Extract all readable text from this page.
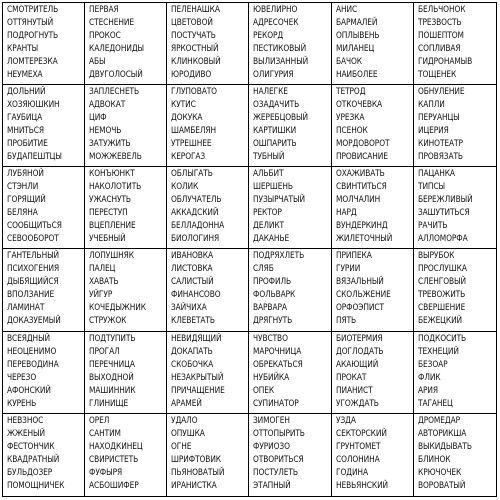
СМОТРИТЕЛЬ
ОТТЯНУТЫЙ
ПОДРОГНУТЬ
КРАНТЫ
ЛОМТЕРЕЗКА
НЕУМЕХА
ПЕРВАЯ
СТЕСНЕНИЕ
ПРОКОС
КАЛЕДОНИДЫ
АБЫ
ДВУГОЛОСЫЙ
ПЕЛЕНАШКА
ЦВЕТОВОЙ
ПОСТУЧАТЬ
ЯРКОСТНЫЙ
КЛИНКОВЫЙ
ЮРОДИВО
ЮВЕЛИРНО
АДРЕСОЧЕК
РЕКОРД
ПЕСТИКОВЫЙ
ВЫЛИЗАННЫЙ
ОЛИГУРИЯ
АНИС
БАРМАЛЕЙ
ОПЛЫВЕНЬ
МИЛАНЕЦ
БАЧОК
НАИБОЛЕЕ
БЕЛЬЧОНОК
ТРЕЗВОСТЬ
ПОШЕПТОМ
СОПЛИВАЯ
ГИДРОНАМЫВ
ТОЩЕНЕК
ДОЛЬНИЙ
ХОЗЯЮШКИН
ГАУБИЦА
МНИТЬСЯ
ПРОБИТИЕ
БУДАПЕШТЦЫ
ЗАПЛЕСНЕТЬ
АДВОКАТ
ЦИФ
НЕМОЧЬ
ЗАТУЖИТЬ
МОЖЖЕВЕЛЬ
ГЛУПОВАТО
КУТИС
ДОКУКА
ШАМБЕЛЯН
УТРЕШНЕЕ
КЕРОГАЗ
НАЛЕГКЕ
ОЗАДАЧИТЬ
ЖЕРЕБЦОВЫЙ
КАРТИШКИ
ОШПАРИТЬ
ТУБНЫЙ
ТЕТРОД
ОТКОЧЕВКА
УРЕЗКА
ПСЕНОК
МОРДОВОРОТ
ПРОВИСАНИЕ
ОБНУЛЕНИЕ
КАПЛИ
ПЕРУАНЦЫ
ИЦЕРИЯ
КИНОТЕАТР
ПРОВЯЗАТЬ
ЛУБЯНОЙ
СТЭНЛИ
ГОРЯЩИЙ
БЕЛЯНА
СООБЩИТЬСЯ
СЕВООБОРОТ
КОНЪЮНКТ
НАКОЛОТИТЬ
УЖАСНУТЬ
ПЕРЕСТУП
ВЦЕПЛЕНИЕ
УЧЕБНЫЙ
ОБЛЫГАТЬ
КОЛИК
ОБЛУЧАТЕЛЬ
АККАДСКИЙ
БЕЛЛАДОННА
БИОЛОГИНЯ
АЛЬБИТ
ШЕРШЕНЬ
ПУЗЫРЧАТЫЙ
РЕКТОР
ДЕЛИКТ
ДАКАНЬЕ
ОХАЖИВАТЬ
СВИНТИТЬСЯ
МОЛЧАЛИН
НАРД
ВУНДЕРКИНД
ЖИЛЕТОЧНЫЙ
ПАЦАНКА
ТИПСЫ
БЕРЕЖЛИВЫЙ
ЗАШУТИТЬСЯ
РАЧИТЬ
АЛЛОМОРФА
ГАНТЕЛЬНЫЙ
ПСИХОГЕНИЯ
ДЫБЯЩИЙСЯ
ВПОЛЗАНИЕ
ЛАМИНАТ
ДОКАЗУЕМЫЙ
ЛОПУШНЯК
ПАЛЕЦ
ХАВАТЬ
УЙГУР
КОЧЕДЫЖНИК
СТРУЖОК
ИВАНОВКА
ЛИСТОВКА
САЛИСТЫЙ
ФИНАНСОВО
ЗАЙЧИХА
КЛЕВЕТАТЬ
ПОДРЯХЛЕТЬ
СЛЯБ
ПРОФИЛЬ
ФОЛЬВАРК
ВАРВАРА
ДРЯГНУТЬ
ПРИПЕКА
ГУРИИ
ВЯЗАЛЬНЫЙ
СКОЛЬЖЕНИЕ
ОРФОЭПИСТ
ПЯТЬ
ВЫРУБОК
ПРОСЛУШКА
СЛЕНГОВЫЙ
ТРЕВОЖИТЬ
СВЕРШЕНИЕ
БЕЖЕЦКИЙ
ВСЕЯДНЫЙ
НЕОЦЕНИМО
ПЕРЕВОДИНА
ЧЕРЕЗО
АФОНСКИЙ
КУРЕНЬ
ПОДТУПИТЬ
ПРОГАЛ
ПЕРЕЧНИЦА
ВЫХОДНОЙ
МАШИННИК
ГЛИНИЩЕ
НЕВИДЯЩИЙ
ДОКАПАТЬ
СКОБОЧКА
НЕЗАКРЫТЫЙ
ПРИЧАЩЕНИЕ
АРАМЕЙ
ЧУВСТВО
МАРОЧНИЦА
ОБРЕКАТЬСЯ
НУБИЙКА
ОПЕК
СУПИНАТОР
БИОТЕРМИЯ
ДОГЛОДАТЬ
АКАЮЩИЙ
ПРОКАТ
ПИАНИСТ
УГОЖДАТЬ
ПОДКОСИТЬ
ТЕХНЕЦИЙ
БЕЗОАР
ФЛИК
АРИЯ
ТАГАНЕЦ
НЕВЗНОС
ЖЖЕНЫЙ
ФЕСТОНЧИК
КВАДРАТНЫЙ
БУЛЬДОЗЕР
ПОМОЩНИЧЕК
ОРЕЛ
САНТИМ
НАХОДКИНЕЦ
СВИРИСТЕТЬ
ФУФЫРЯ
АСБОШИФЕР
УДАЛО
ОПУШКА
ОГНЕ
ШРИФТОВИК
ПЬЯНОВАТЫЙ
ИРАНИСТКА
ЗИМОГЕН
ОТТОПЫРИТЬ
ФУРИОЗО
ОТВОРИТЬСЯ
ПОСТУЛЕТЬ
ЭТАПНЫЙ
УЗДА
СЕКТОРСКИЙ
ГРУНТОМЕТ
СОЛОНИНА
ГОДИНА
НЕВЬЯНСКИЙ
ДРОМЕДАР
АВТОРИКША
ВЫКИДЫВАТЬ
БЛИНОК
КРЮЧОЧЕК
ВОРОВАТЫЙ
